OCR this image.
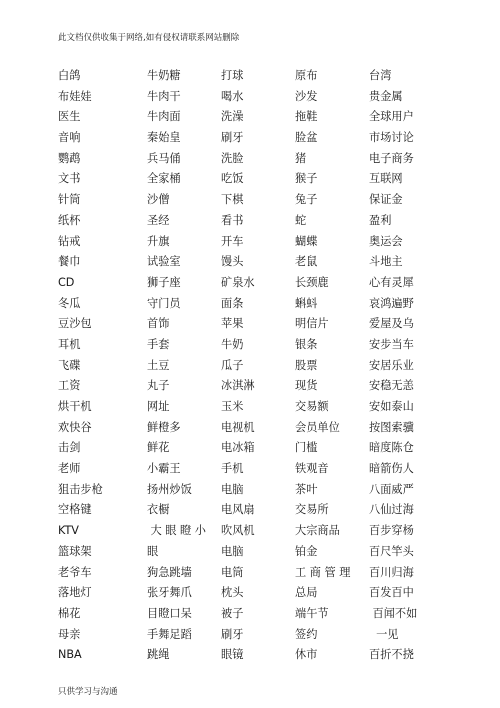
此文档仅供收集于网络,如有侵权请联系网站删除
白鸽	牛奶糖	打球	原布	台湾
布娃娃	牛肉干	喝水	沙发	贵金属
医生	牛肉面	洗澡	拖鞋	全球用户
音响	秦始皇	刷牙	脸盆	市场讨论
鹦鹉	兵马俑	洗脸	猪	电子商务
文书	全家桶	吃饭	猴子	互联网
针筒	沙僧	下棋	兔子	保证金
纸杯	圣经	看书	蛇	盈利
钻戒	升旗	开车	蝴蝶	奥运会
餐巾	试验室	馒头	老鼠	斗地主
CD	狮子座	矿泉水	长颈鹿	心有灵犀
冬瓜	守门员	面条	蝌蚪	哀鸿遍野
豆沙包	首饰	苹果	明信片	爱屋及乌
耳机	手套	牛奶	银条	安步当车
飞碟	土豆	瓜子	股票	安居乐业
工资	丸子	冰淇淋	现货	安稳无恙
烘干机	网址	玉米	交易额	安如泰山
欢快谷	鲜橙多	电视机	会员单位	按图索骥
击剑	鲜花	电冰箱	门槛	暗度陈仓
老师	小霸王	手机	铁观音	暗箭伤人
狙击步枪	扬州炒饭	电脑	茶叶	八面威严
空格键	衣橱	电风扇	交易所	八仙过海
KTV	大 眼 瞪 小	吹风机	大宗商品	百步穿杨
篮球架	眼	电脑	铂金	百尺竿头
老爷车	狗急跳墙	电筒	工 商 管 理	百川归海
落地灯	张牙舞爪	枕头	总局	百发百中
棉花	目瞪口呆	被子	端午节	百闻不如
母亲	手舞足蹈	刷牙	签约	一见
NBA	跳绳	眼镜	休市	百折不挠
只供学习与沟通
